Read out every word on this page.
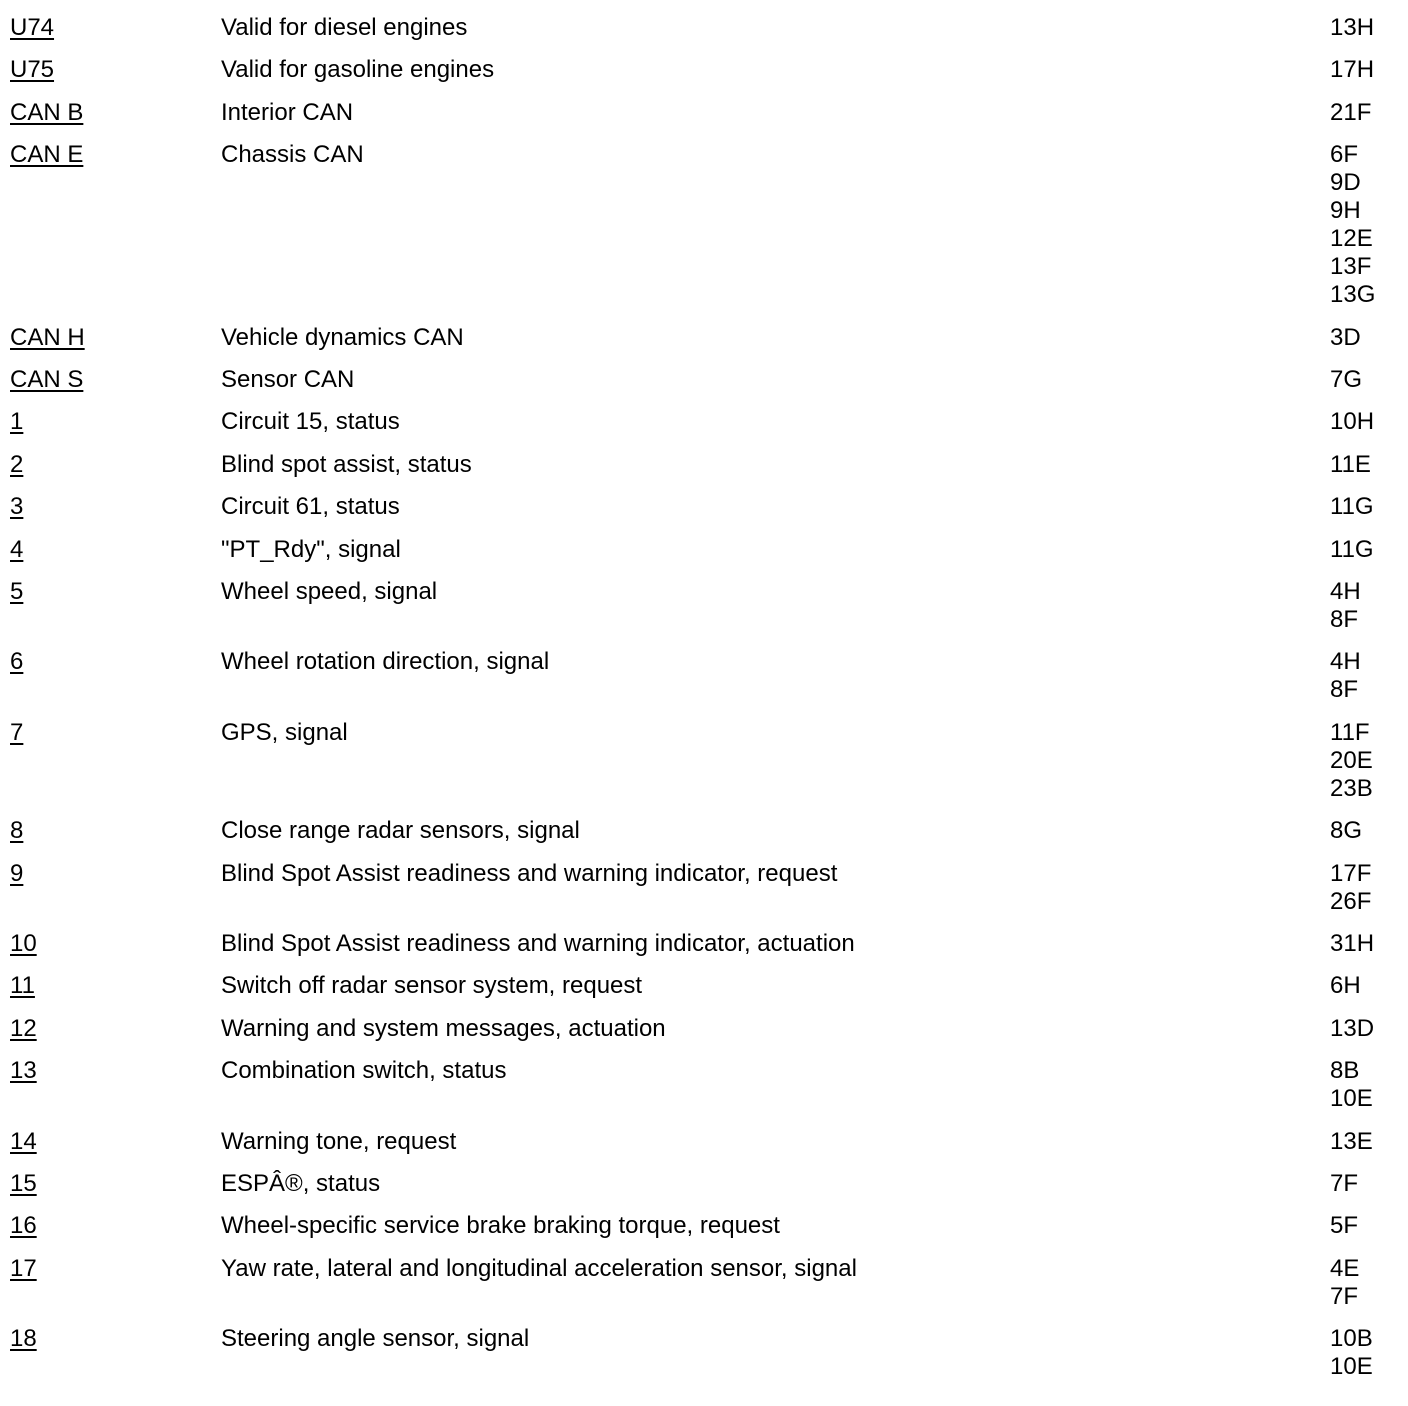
U74	Valid for diesel engines	13H
U75	Valid for gasoline engines	17H
CAN B	Interior CAN	21F
CAN E	Chassis CAN	6F
9D
9H
12E
13F
13G
CAN H	Vehicle dynamics CAN	3D
CAN S	Sensor CAN	7G
1	Circuit 15, status	10H
2	Blind spot assist, status	11E
3	Circuit 61, status	11G
4	"PT_Rdy", signal	11G
5	Wheel speed, signal	4H
8F
6	Wheel rotation direction, signal	4H
8F
7	GPS, signal	11F
20E
23B
8	Close range radar sensors, signal	8G
9	Blind Spot Assist readiness and warning indicator, request	17F
26F
10	Blind Spot Assist readiness and warning indicator, actuation	31H
11	Switch off radar sensor system, request	6H
12	Warning and system messages, actuation	13D
13	Combination switch, status	8B
10E
14	Warning tone, request	13E
15	ESPÂ®, status	7F
16	Wheel-specific service brake braking torque, request	5F
17	Yaw rate, lateral and longitudinal acceleration sensor, signal	4E
7F
18	Steering angle sensor, signal	10B
10E
